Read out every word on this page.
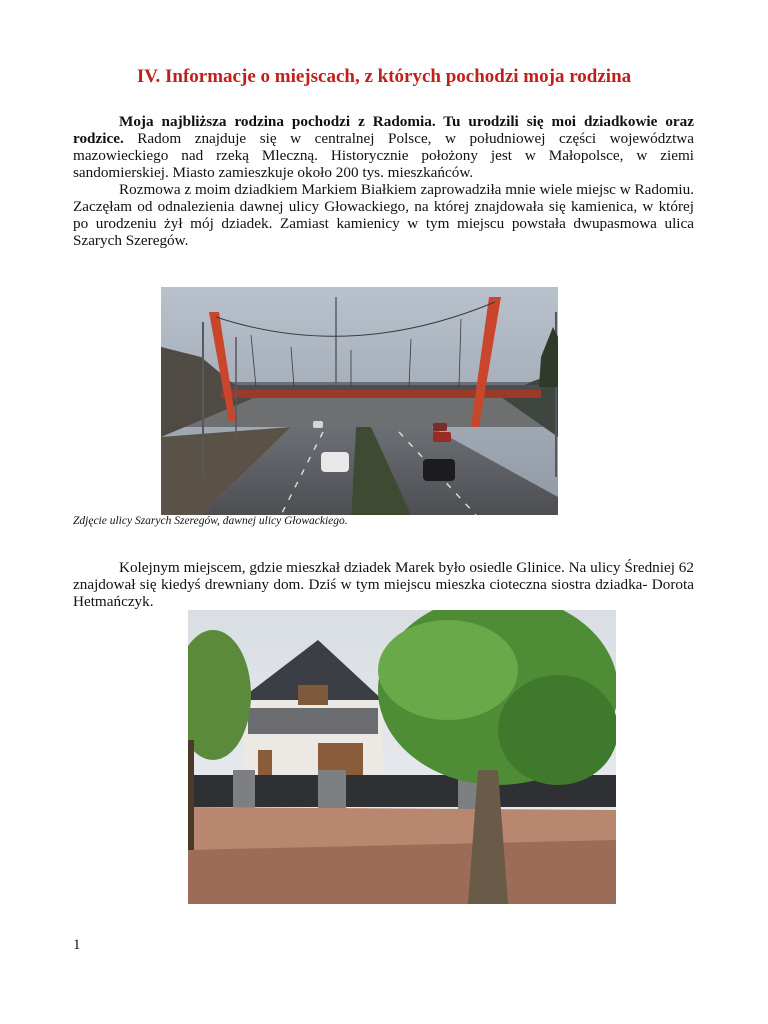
IV. Informacje o miejscach, z których pochodzi moja rodzina

Moja najbliższa rodzina pochodzi z Radomia. Tu urodzili się moi dziadkowie oraz rodzice. Radom znajduje się w centralnej Polsce, w południowej części województwa mazowieckiego nad rzeką Mleczną. Historycznie położony jest w Małopolsce, w ziemi sandomierskiej. Miasto zamieszkuje około 200 tys. mieszkańców.

Rozmowa z moim dziadkiem Markiem Białkiem zaprowadziła mnie wiele miejsc w Radomiu. Zaczęłam od odnalezienia dawnej ulicy Głowackiego, na której znajdowała się kamienica, w której po urodzeniu żył mój dziadek. Zamiast kamienicy w tym miejscu powstała dwupasmowa ulica Szarych Szeregów.

Zdjęcie ulicy Szarych Szeregów, dawnej ulicy Głowackiego.

Kolejnym miejscem, gdzie mieszkał dziadek Marek było osiedle Glinice. Na ulicy Średniej 62 znajdował się kiedyś drewniany dom. Dziś w tym miejscu mieszka cioteczna siostra dziadka- Dorota Hetmańczyk.

1
